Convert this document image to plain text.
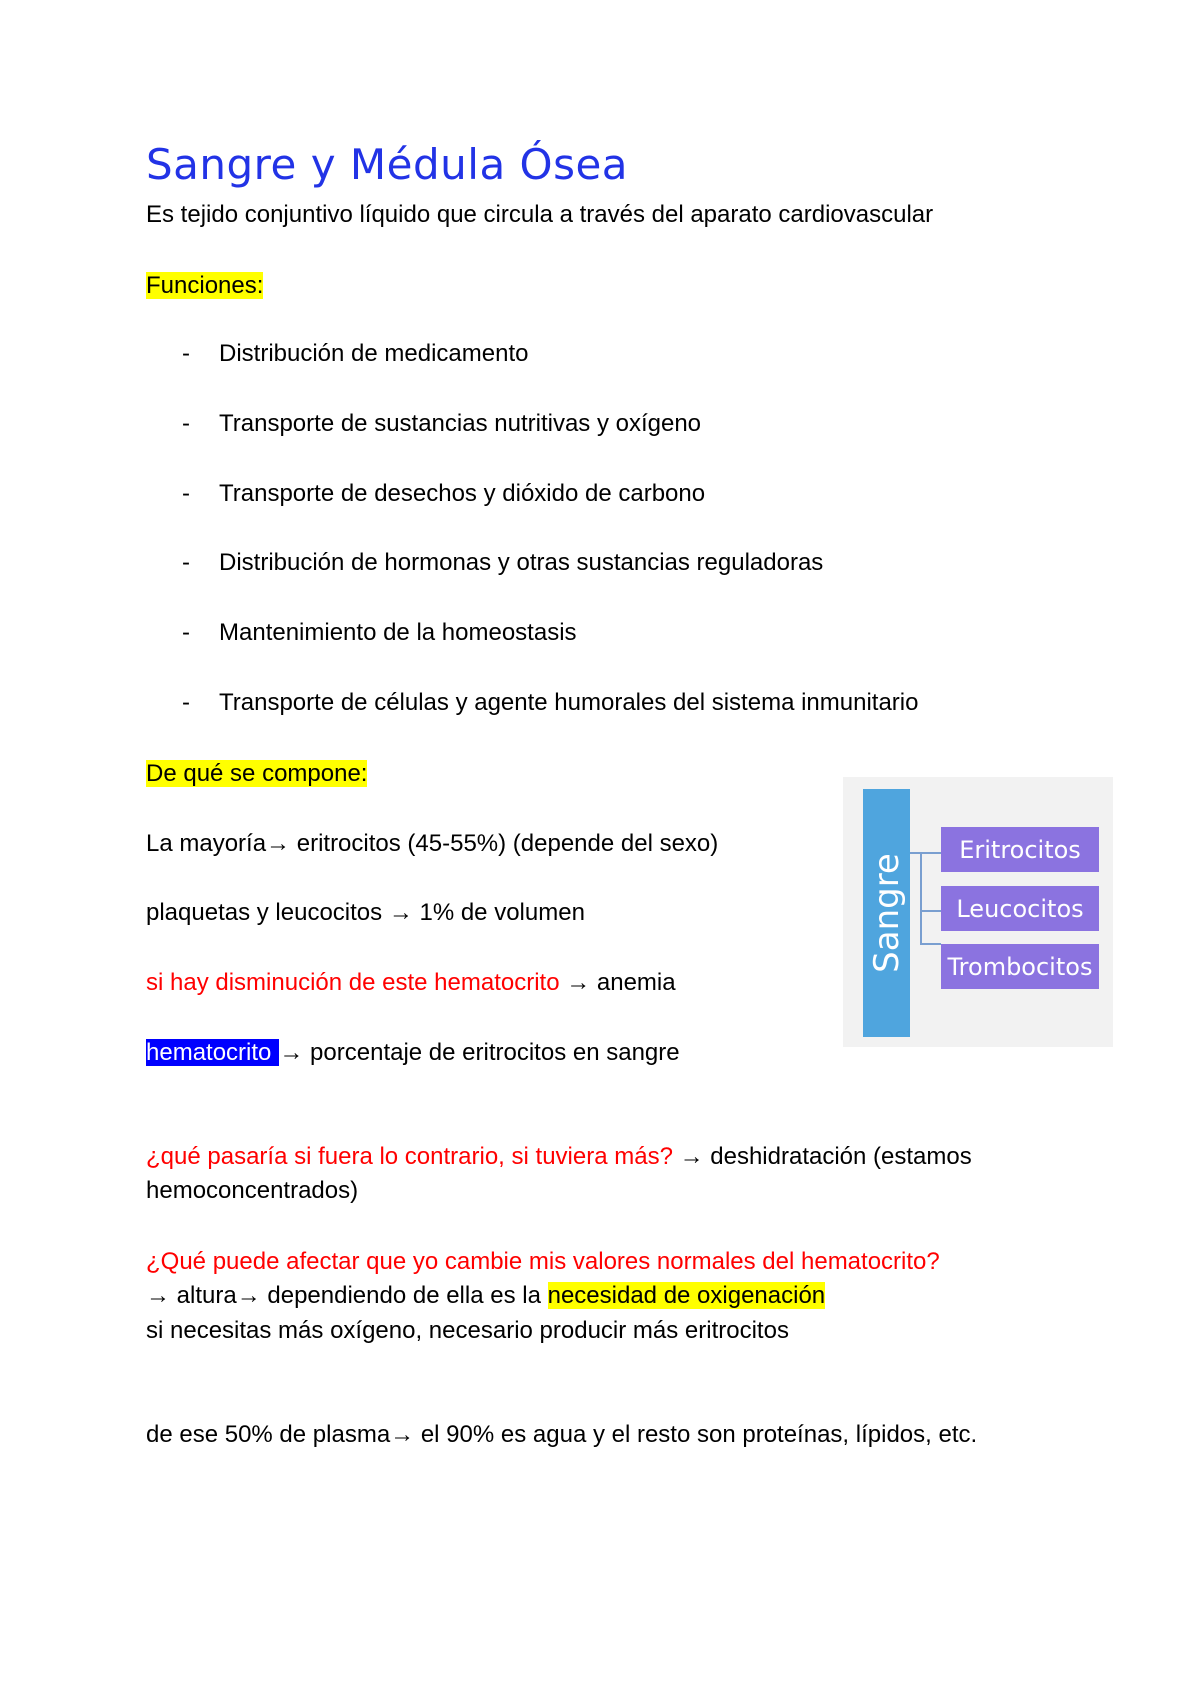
Sangre y Médula Ósea

Es tejido conjuntivo líquido que circula a través del aparato cardiovascular

Funciones:

- Distribución de medicamento
- Transporte de sustancias nutritivas y oxígeno
- Transporte de desechos y dióxido de carbono
- Distribución de hormonas y otras sustancias reguladoras
- Mantenimiento de la homeostasis
- Transporte de células y agente humorales del sistema inmunitario

De qué se compone:

La mayoría→ eritrocitos (45-55%) (depende del sexo)

plaquetas y leucocitos → 1% de volumen

si hay disminución de este hematocrito → anemia

hematocrito → porcentaje de eritrocitos en sangre

¿qué pasaría si fuera lo contrario, si tuviera más? → deshidratación (estamos

hemoconcentrados)

¿Qué puede afectar que yo cambie mis valores normales del hematocrito?

→ altura→ dependiendo de ella es la necesidad de oxigenación

si necesitas más oxígeno, necesario producir más eritrocitos

de ese 50% de plasma→ el 90% es agua y el resto son proteínas, lípidos, etc.

Sangre
Eritrocitos
Leucocitos
Trombocitos
